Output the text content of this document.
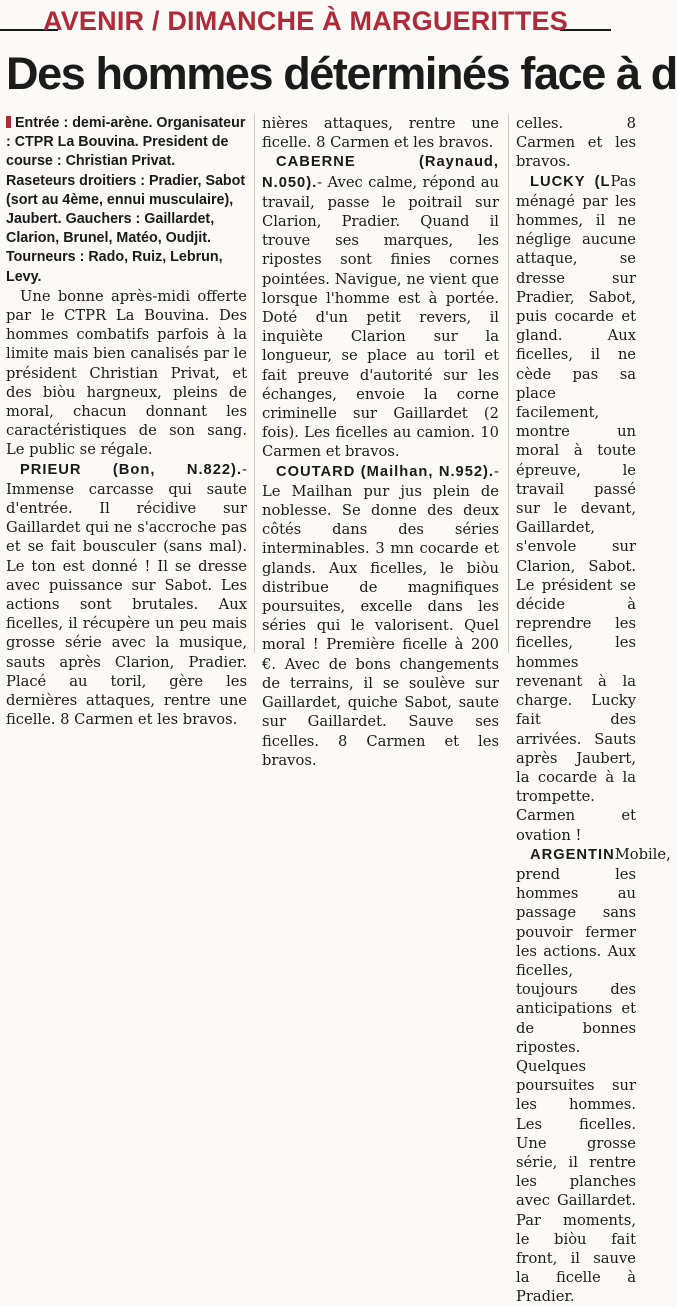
AVENIR / DIMANCHE À MARGUERITTES
Des hommes déterminés face à d

Entrée : demi-arène. Organisateur : CTPR La Bouvina. President de course : Christian Privat. Raseteurs droitiers : Pradier, Sabot (sort au 4ème, ennui musculaire), Jaubert. Gauchers : Gaillardet, Clarion, Brunel, Matéo, Oudjit. Tourneurs : Rado, Ruiz, Lebrun, Levy.

Une bonne après-midi offerte par le CTPR La Bouvina. Des hommes combatifs parfois à la limite mais bien canalisés par le président Christian Privat, et des biòu hargneux, pleins de moral, chacun donnant les caractéristiques de son sang. Le public se régale.

PRIEUR (Bon, N.822).- Immense carcasse qui saute d'entrée. Il récidive sur Gaillardet qui ne s'accroche pas et se fait bousculer (sans mal). Le ton est donné ! Il se dresse avec puissance sur Sabot. Les actions sont brutales. Aux ficelles, il récupère un peu mais grosse série avec la musique, sauts après Clarion, Pradier. Placé au toril, gère les dernières attaques, rentre une ficelle. 8 Carmen et les bravos.

nières attaques, rentre une ficelle. 8 Carmen et les bravos.

CABERNE (Raynaud, N.050).- Avec calme, répond au travail, passe le poitrail sur Clarion, Pradier. Quand il trouve ses marques, les ripostes sont finies cornes pointées. Navigue, ne vient que lorsque l'homme est à portée. Doté d'un petit revers, il inquiète Clarion sur la longueur, se place au toril et fait preuve d'autorité sur les échanges, envoie la corne criminelle sur Gaillardet (2 fois). Les ficelles au camion. 10 Carmen et bravos.

COUTARD (Mailhan, N.952).- Le Mailhan pur jus plein de noblesse. Se donne des deux côtés dans des séries interminables. 3 mn cocarde et glands. Aux ficelles, le biòu distribue de magnifiques poursuites, excelle dans les séries qui le valorisent. Quel moral ! Première ficelle à 200 €. Avec de bons changements de terrains, il se soulève sur Gaillardet, quiche Sabot, saute sur Gaillardet. Sauve ses ficelles. 8 Carmen et les bravos.

celles. 8 Carmen et les bravos.

LUCKY (LPas ménagé par les hommes, il ne néglige aucune attaque, se dresse sur Pradier, Sabot, puis cocarde et gland. Aux ficelles, il ne cède pas sa place facilement, montre un moral à toute épreuve, le travail passé sur le devant, Gaillardet, s'envole sur Clarion, Sabot. Le président se décide à reprendre les ficelles, les hommes revenant à la charge. Lucky fait des arrivées. Sauts après Jaubert, la cocarde à la trompette. Carmen et ovation !

ARGENTINMobile, prend les hommes au passage sans pouvoir fermer les actions. Aux ficelles, toujours des anticipations et de bonnes ripostes. Quelques poursuites sur les hommes. Les ficelles. Une grosse série, il rentre les planches avec Gaillardet. Par moments, le biòu fait front, il sauve la ficelle à Pradier.
